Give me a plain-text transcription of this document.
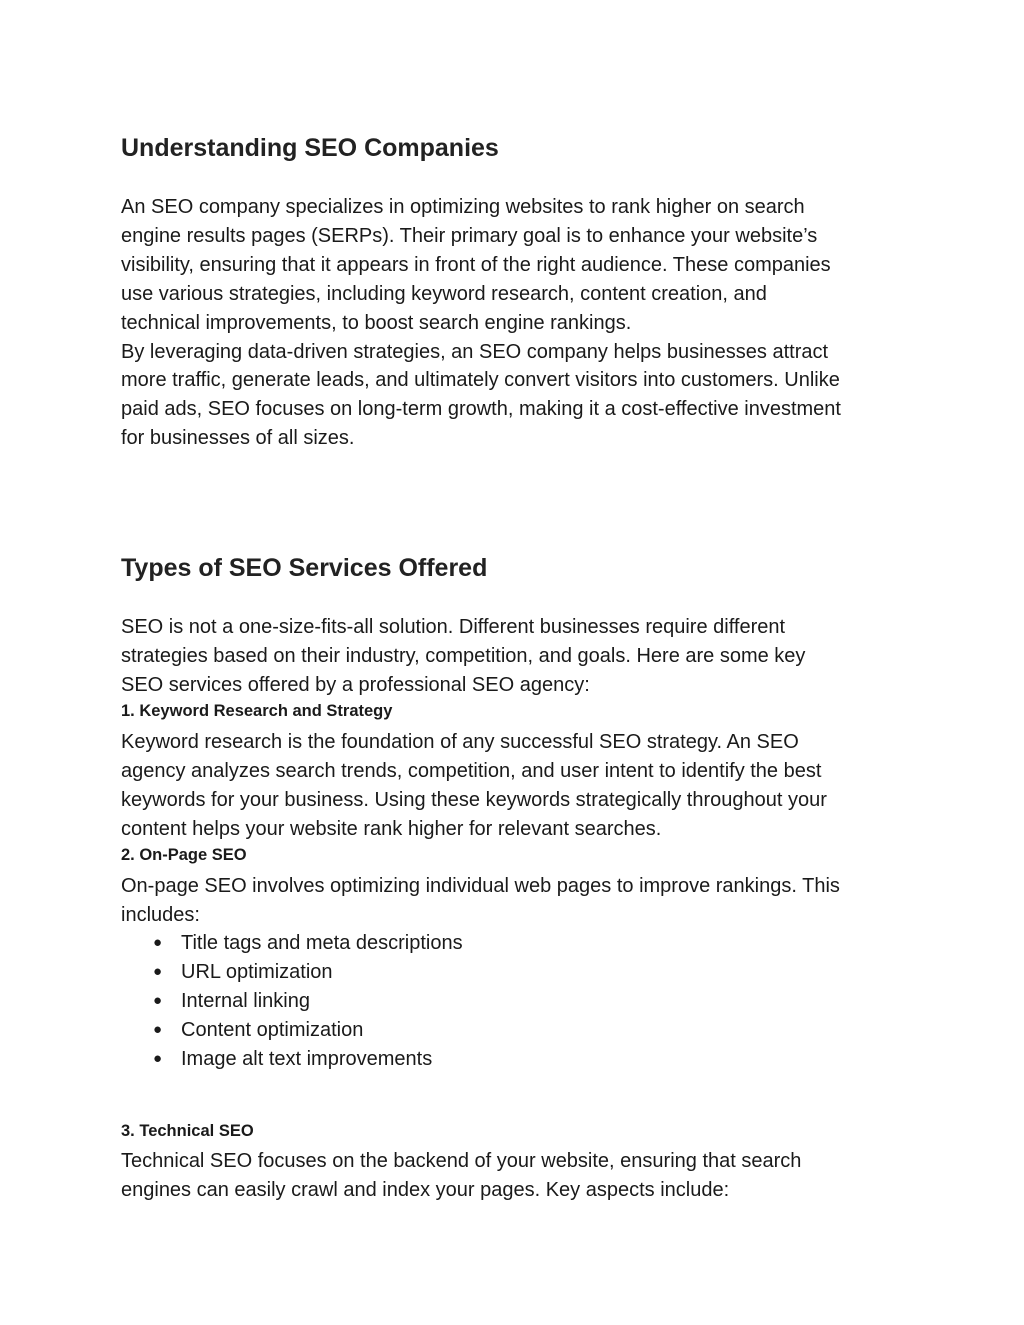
Understanding SEO Companies

An SEO company specializes in optimizing websites to rank higher on search
engine results pages (SERPs). Their primary goal is to enhance your website’s
visibility, ensuring that it appears in front of the right audience. These companies
use various strategies, including keyword research, content creation, and
technical improvements, to boost search engine rankings.
By leveraging data-driven strategies, an SEO company helps businesses attract
more traffic, generate leads, and ultimately convert visitors into customers. Unlike
paid ads, SEO focuses on long-term growth, making it a cost-effective investment
for businesses of all sizes.

Types of SEO Services Offered

SEO is not a one-size-fits-all solution. Different businesses require different
strategies based on their industry, competition, and goals. Here are some key
SEO services offered by a professional SEO agency:

1. Keyword Research and Strategy

Keyword research is the foundation of any successful SEO strategy. An SEO
agency analyzes search trends, competition, and user intent to identify the best
keywords for your business. Using these keywords strategically throughout your
content helps your website rank higher for relevant searches.

2. On-Page SEO

On-page SEO involves optimizing individual web pages to improve rankings. This
includes:

● Title tags and meta descriptions
● URL optimization
● Internal linking
● Content optimization
● Image alt text improvements
3. Technical SEO

Technical SEO focuses on the backend of your website, ensuring that search
engines can easily crawl and index your pages. Key aspects include:
